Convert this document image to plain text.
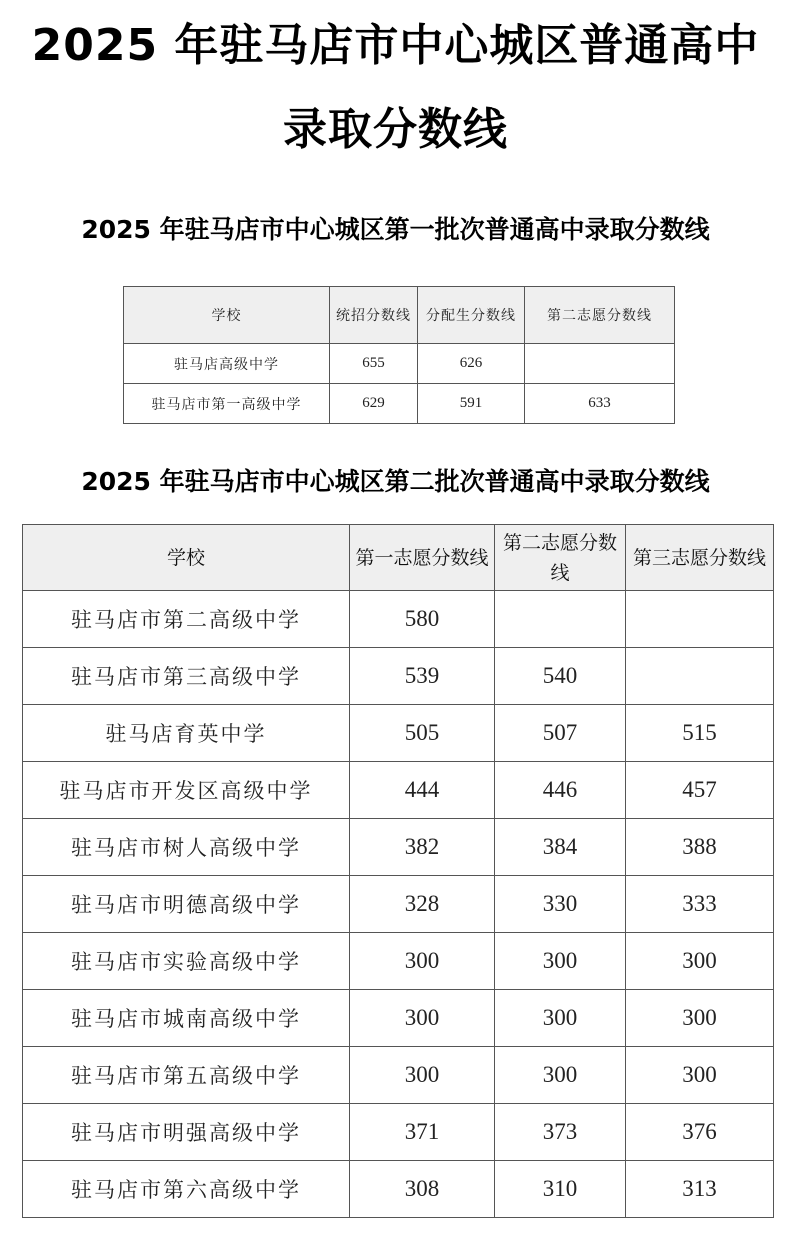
2025 年驻马店市中心城区普通高中
录取分数线
2025 年驻马店市中心城区第一批次普通高中录取分数线
学校	统招分数线	分配生分数线	第二志愿分数线
驻马店高级中学	655	626	
驻马店市第一高级中学	629	591	633
2025 年驻马店市中心城区第二批次普通高中录取分数线
学校	第一志愿分数线	第二志愿分数线	第三志愿分数线
驻马店市第二高级中学	580		
驻马店市第三高级中学	539	540	
驻马店育英中学	505	507	515
驻马店市开发区高级中学	444	446	457
驻马店市树人高级中学	382	384	388
驻马店市明德高级中学	328	330	333
驻马店市实验高级中学	300	300	300
驻马店市城南高级中学	300	300	300
驻马店市第五高级中学	300	300	300
驻马店市明强高级中学	371	373	376
驻马店市第六高级中学	308	310	313
